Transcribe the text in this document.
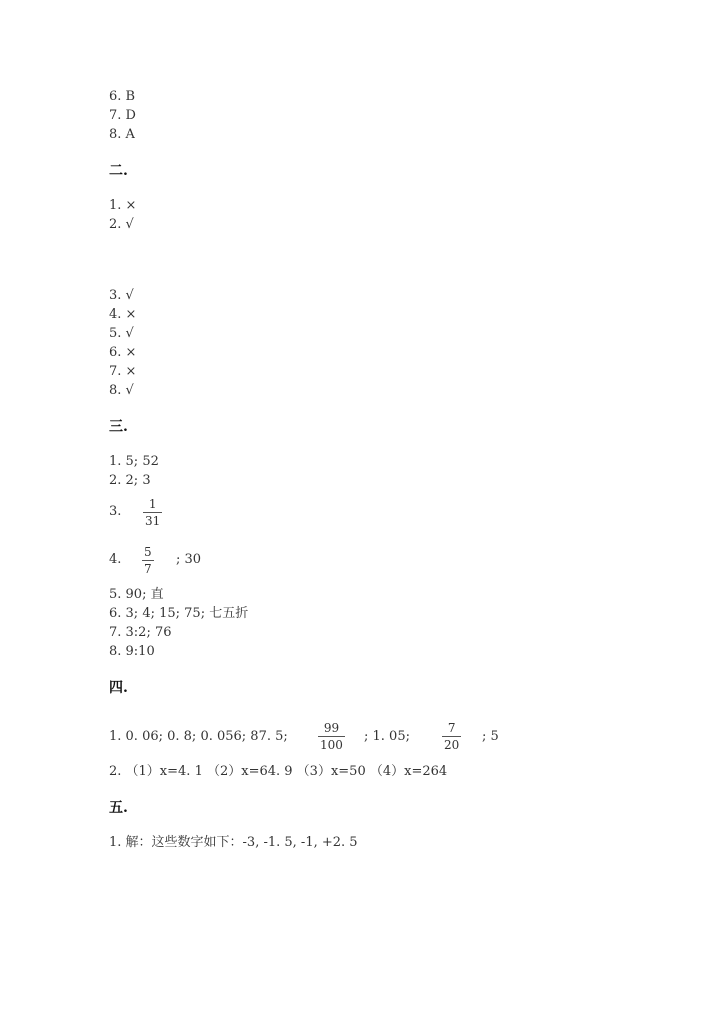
6. B
7. D
8. A
二.
1. ×
2. √
3. √
4. ×
5. √
6. ×
7. ×
8. √
三.
1. 5; 52
2. 2; 3
3. 1
31
4. 5
7
; 30
5. 90; 直
6. 3; 4; 15; 75; 七五折
7. 3:2; 76
8. 9:10
四.
1. 0. 06; 0. 8; 0. 056; 87. 5;
99
100
; 1. 05;
7
20
; 5
2. （1）x=4. 1 （2）x=64. 9 （3）x=50 （4）x=264
五.
1. 解：这些数字如下：-3, -1. 5, -1, +2. 5
